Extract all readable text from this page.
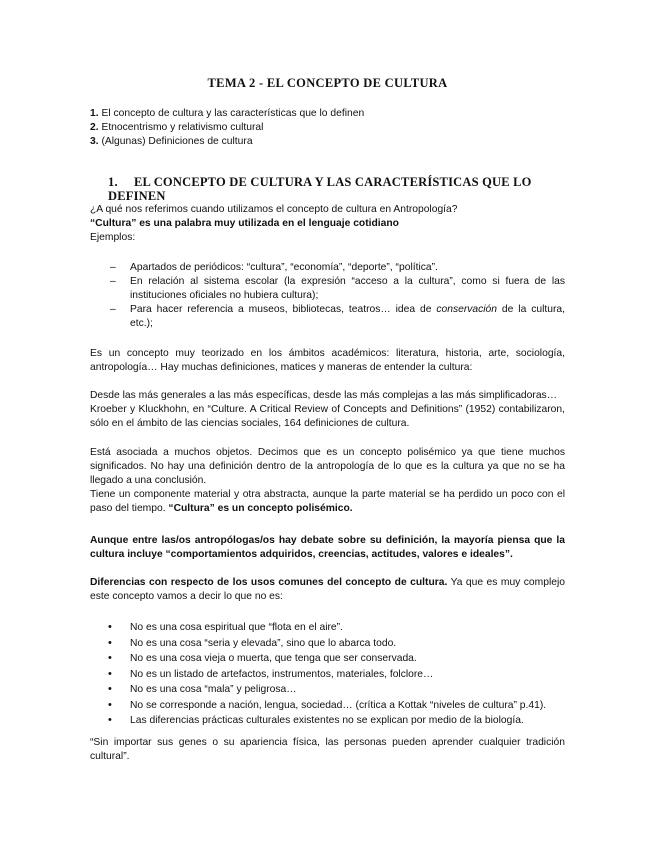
TEMA 2 - EL CONCEPTO DE CULTURA
1. El concepto de cultura y las características que lo definen
2. Etnocentrismo y relativismo cultural
3. (Algunas) Definiciones de cultura
1. EL CONCEPTO DE CULTURA Y LAS CARACTERÍSTICAS QUE LO DEFINEN
¿A qué nos referimos cuando utilizamos el concepto de cultura en Antropología?
“Cultura” es una palabra muy utilizada en el lenguaje cotidiano
Ejemplos:
– Apartados de periódicos: “cultura”, “economía”, “deporte”, “política”.
– En relación al sistema escolar (la expresión “acceso a la cultura”, como si fuera de las instituciones oficiales no hubiera cultura);
– Para hacer referencia a museos, bibliotecas, teatros… idea de conservación de la cultura, etc.);
Es un concepto muy teorizado en los ámbitos académicos: literatura, historia, arte, sociología, antropología… Hay muchas definiciones, matices y maneras de entender la cultura:
Desde las más generales a las más específicas, desde las más complejas a las más simplificadoras…
Kroeber y Kluckhohn, en “Culture. A Critical Review of Concepts and Definitions” (1952) contabilizaron, sólo en el ámbito de las ciencias sociales, 164 definiciones de cultura.
Está asociada a muchos objetos. Decimos que es un concepto polisémico ya que tiene muchos significados. No hay una definición dentro de la antropología de lo que es la cultura ya que no se ha llegado a una conclusión.
Tiene un componente material y otra abstracta, aunque la parte material se ha perdido un poco con el paso del tiempo. “Cultura” es un concepto polisémico.
Aunque entre las/os antropólogas/os hay debate sobre su definición, la mayoría piensa que la cultura incluye “comportamientos adquiridos, creencias, actitudes, valores e ideales”.
Diferencias con respecto de los usos comunes del concepto de cultura. Ya que es muy complejo este concepto vamos a decir lo que no es:
• No es una cosa espiritual que “flota en el aire”.
• No es una cosa “seria y elevada”, sino que lo abarca todo.
• No es una cosa vieja o muerta, que tenga que ser conservada.
• No es un listado de artefactos, instrumentos, materiales, folclore…
• No es una cosa “mala” y peligrosa…
• No se corresponde a nación, lengua, sociedad… (crítica a Kottak “niveles de cultura” p.41).
• Las diferencias prácticas culturales existentes no se explican por medio de la biología.
“Sin importar sus genes o su apariencia física, las personas pueden aprender cualquier tradición cultural”.
